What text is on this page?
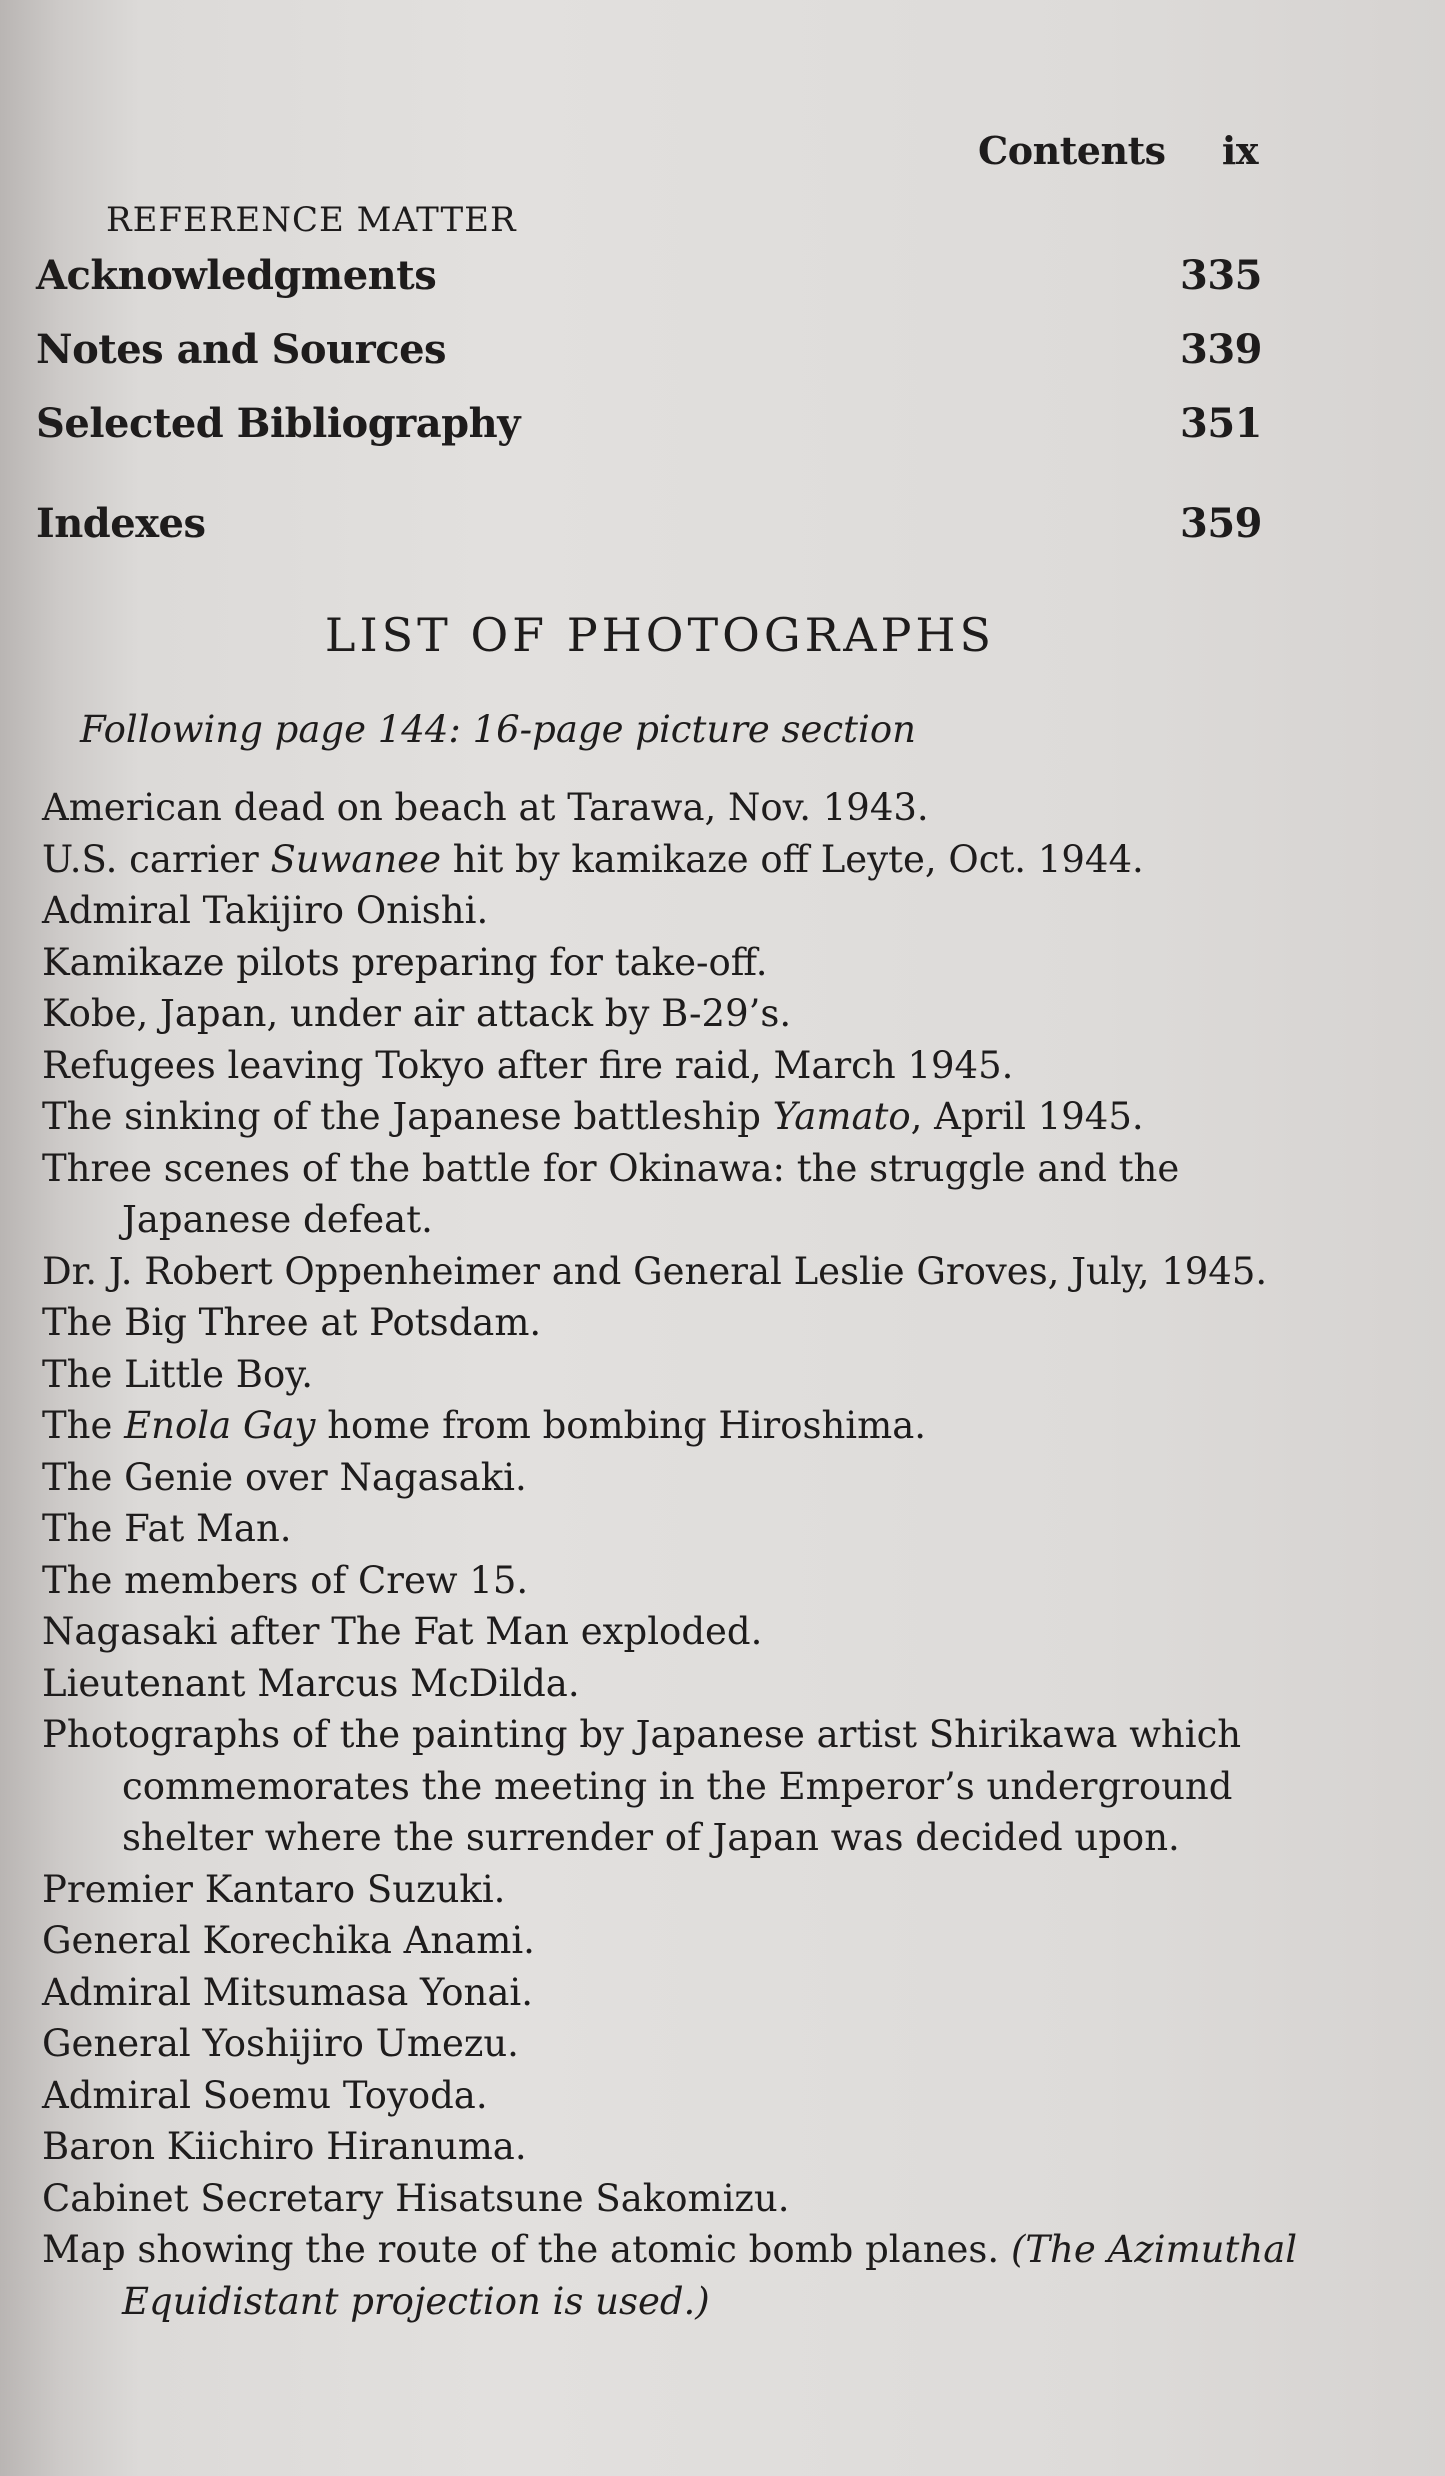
Contents ix
REFERENCE MATTER
Acknowledgments	335
Notes and Sources	339
Selected Bibliography	351
Indexes	359
LIST OF PHOTOGRAPHS
Following page 144: 16-page picture section
American dead on beach at Tarawa, Nov. 1943.
U.S. carrier Suwanee hit by kamikaze off Leyte, Oct. 1944.
Admiral Takijiro Onishi.
Kamikaze pilots preparing for take-off.
Kobe, Japan, under air attack by B-29’s.
Refugees leaving Tokyo after fire raid, March 1945.
The sinking of the Japanese battleship Yamato, April 1945.
Three scenes of the battle for Okinawa: the struggle and the Japanese defeat.
Dr. J. Robert Oppenheimer and General Leslie Groves, July, 1945.
The Big Three at Potsdam.
The Little Boy.
The Enola Gay home from bombing Hiroshima.
The Genie over Nagasaki.
The Fat Man.
The members of Crew 15.
Nagasaki after The Fat Man exploded.
Lieutenant Marcus McDilda.
Photographs of the painting by Japanese artist Shirikawa which commemorates the meeting in the Emperor’s underground shelter where the surrender of Japan was decided upon.
Premier Kantaro Suzuki.
General Korechika Anami.
Admiral Mitsumasa Yonai.
General Yoshijiro Umezu.
Admiral Soemu Toyoda.
Baron Kiichiro Hiranuma.
Cabinet Secretary Hisatsune Sakomizu.
Map showing the route of the atomic bomb planes. (The Azimuthal Equidistant projection is used.)
